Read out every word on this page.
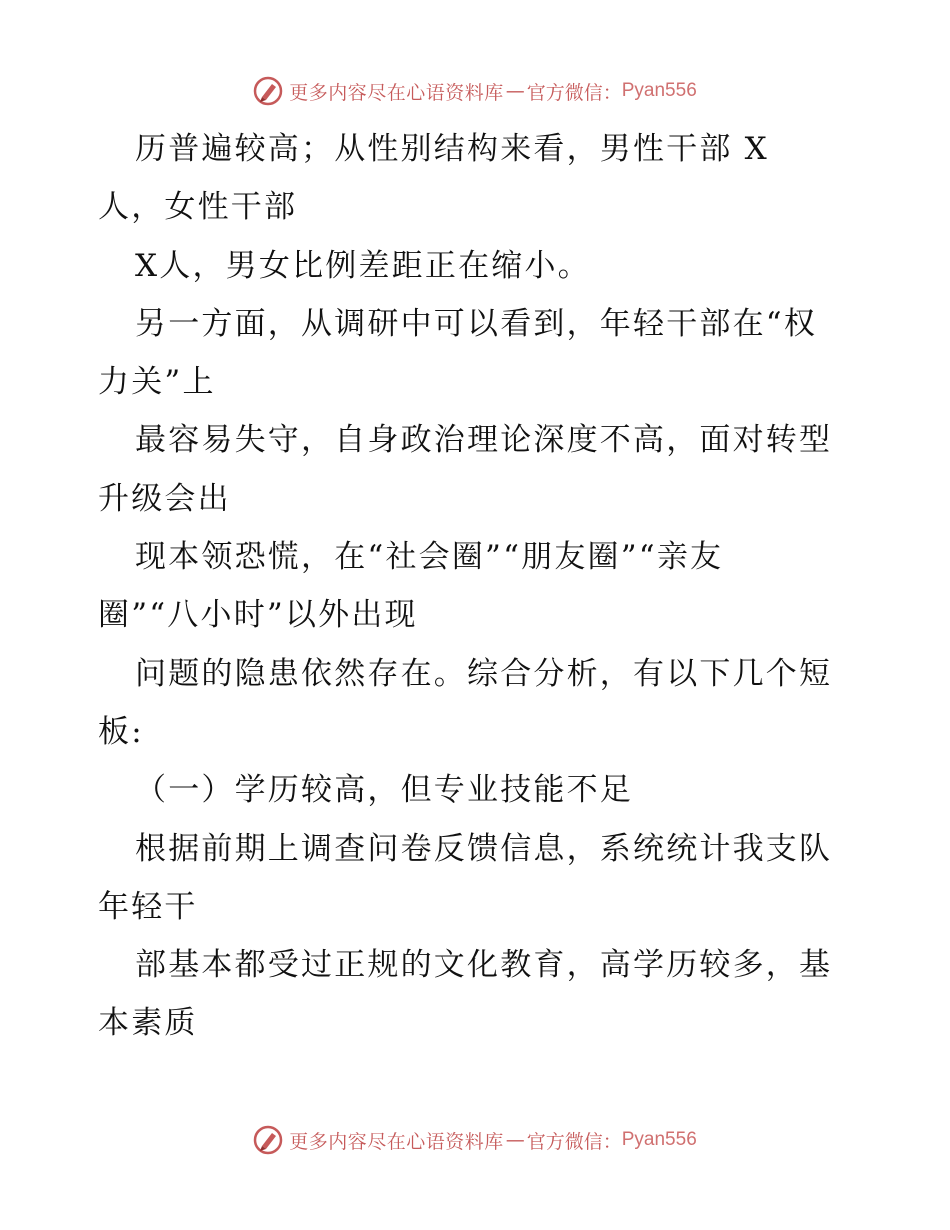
更多内容尽在心语资料库 — 官方微信： Pyan556
历普遍较高；从性别结构来看，男性干部 X
人，女性干部
X人，男女比例差距正在缩小。
另一方面，从调研中可以看到，年轻干部在“权
力关”上
最容易失守，自身政治理论深度不高，面对转型
升级会出
现本领恐慌，在“社会圈”“朋友圈”“亲友
圈”“八小时”以外出现
问题的隐患依然存在。综合分析，有以下几个短
板:
（一）学历较高，但专业技能不足
根据前期上调查问卷反馈信息，系统统计我支队
年轻干
部基本都受过正规的文化教育，高学历较多，基
本素质
更多内容尽在心语资料库 — 官方微信： Pyan556
